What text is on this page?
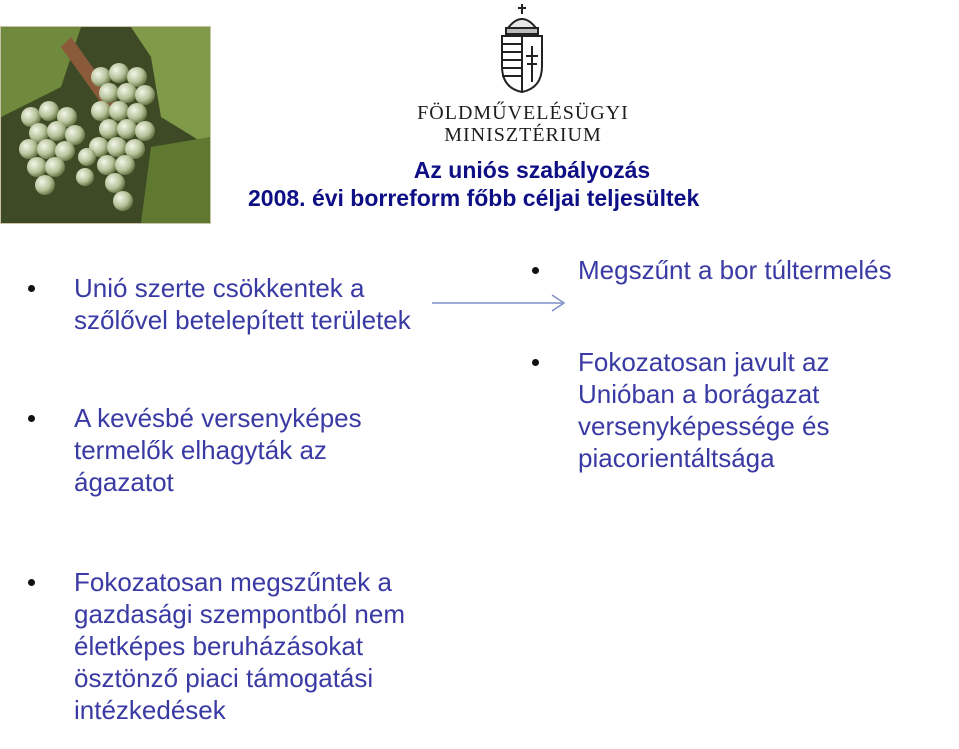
FÖLDMŰVELÉSÜGYI
MINISZTÉRIUM
Az uniós szabályozás
2008. évi borreform főbb céljai teljesültek
Unió szerte csökkentek a
szőlővel betelepített területek
A kevésbé versenyképes
termelők elhagyták az
ágazatot
Fokozatosan megszűntek a
gazdasági szempontból nem
életképes beruházásokat
ösztönző piaci támogatási
intézkedések
Megszűnt a bor túltermelés
Fokozatosan javult az
Unióban a borágazat
versenyképessége és
piacorientáltsága
